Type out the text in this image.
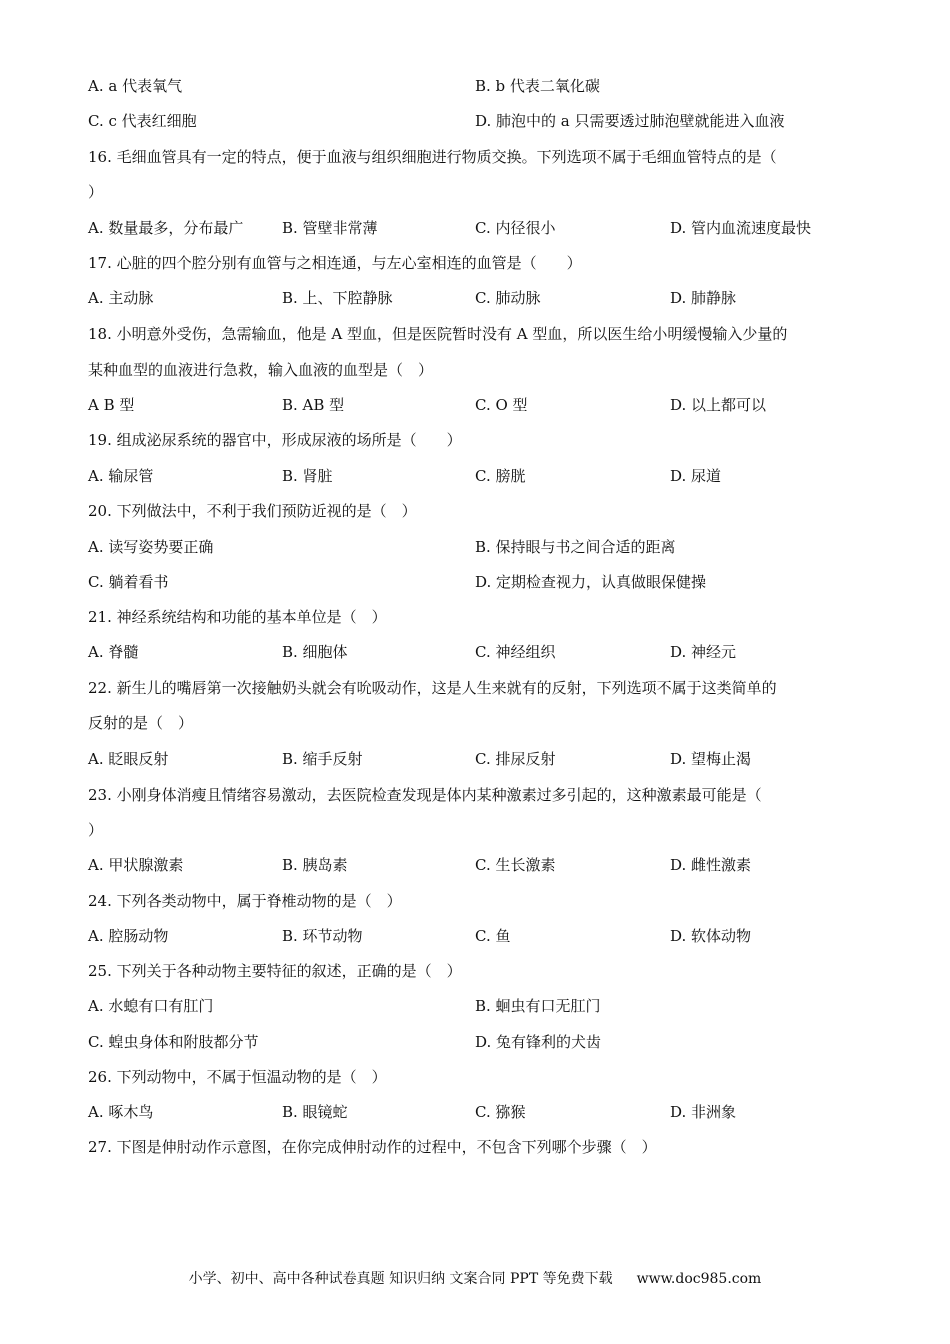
A. a 代表氧气	B. b 代表二氧化碳
C. c 代表红细胞	D. 肺泡中的 a 只需要透过肺泡壁就能进入血液
16. 毛细血管具有一定的特点，便于血液与组织细胞进行物质交换。下列选项不属于毛细血管特点的是（
）
A. 数量最多，分布最广	B. 管壁非常薄	C. 内径很小	D. 管内血流速度最快
17. 心脏的四个腔分别有血管与之相连通，与左心室相连的血管是（　　）
A. 主动脉	B. 上、下腔静脉	C. 肺动脉	D. 肺静脉
18. 小明意外受伤，急需输血，他是 A 型血，但是医院暂时没有 A 型血，所以医生给小明缓慢输入少量的
某种血型的血液进行急救，输入血液的血型是（　）
A B 型	B. AB 型	C. O 型	D. 以上都可以
19. 组成泌尿系统的器官中，形成尿液的场所是（　　）
A. 输尿管	B. 肾脏	C. 膀胱	D. 尿道
20. 下列做法中，不利于我们预防近视的是（　）
A. 读写姿势要正确	B. 保持眼与书之间合适的距离
C. 躺着看书	D. 定期检查视力，认真做眼保健操
21. 神经系统结构和功能的基本单位是（　）
A. 脊髓	B. 细胞体	C. 神经组织	D. 神经元
22. 新生儿的嘴唇第一次接触奶头就会有吮吸动作，这是人生来就有的反射，下列选项不属于这类简单的
反射的是（　）
A. 眨眼反射	B. 缩手反射	C. 排尿反射	D. 望梅止渴
23. 小刚身体消瘦且情绪容易激动，去医院检查发现是体内某种激素过多引起的，这种激素最可能是（
）
A. 甲状腺激素	B. 胰岛素	C. 生长激素	D. 雌性激素
24. 下列各类动物中，属于脊椎动物的是（　）
A. 腔肠动物	B. 环节动物	C. 鱼	D. 软体动物
25. 下列关于各种动物主要特征的叙述，正确的是（　）
A. 水螅有口有肛门	B. 蛔虫有口无肛门
C. 蝗虫身体和附肢都分节	D. 兔有锋利的犬齿
26. 下列动物中，不属于恒温动物的是（　）
A. 啄木鸟	B. 眼镜蛇	C. 猕猴	D. 非洲象
27. 下图是伸肘动作示意图，在你完成伸肘动作的过程中，不包含下列哪个步骤（　）
小学、初中、高中各种试卷真题 知识归纳 文案合同 PPT 等免费下载 www.doc985.com
